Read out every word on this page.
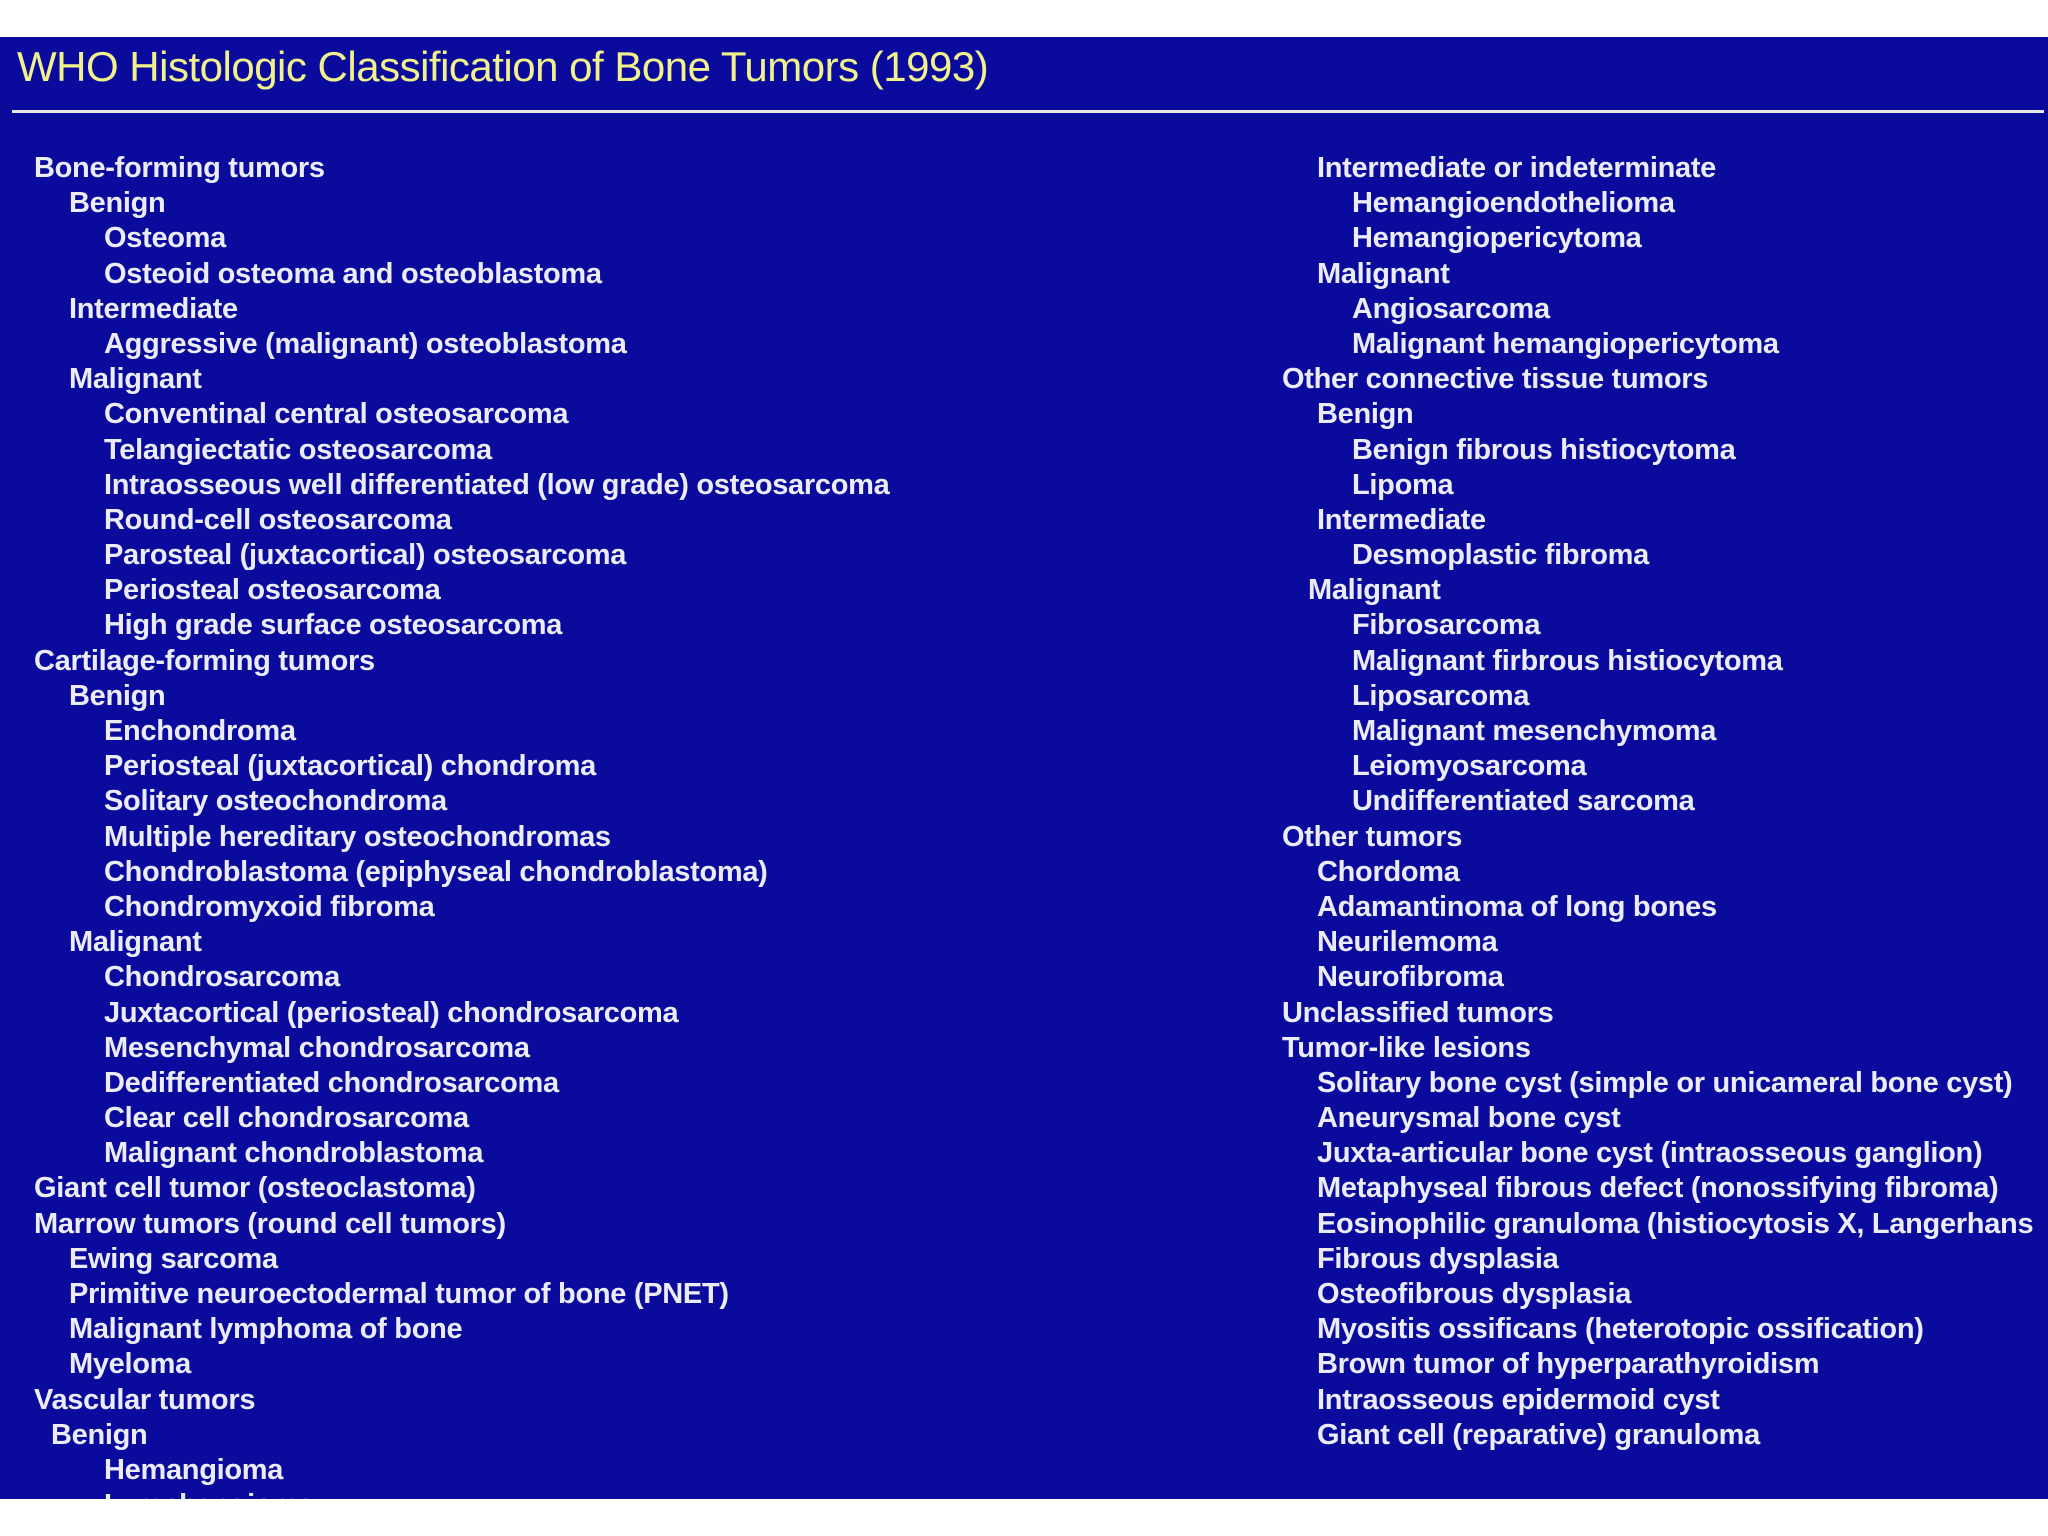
WHO Histologic Classification of Bone Tumors (1993)
Bone-forming tumors
Benign
Osteoma
Osteoid osteoma and osteoblastoma
Intermediate
Aggressive (malignant) osteoblastoma
Malignant
Conventinal central osteosarcoma
Telangiectatic osteosarcoma
Intraosseous well differentiated (low grade) osteosarcoma
Round-cell osteosarcoma
Parosteal (juxtacortical) osteosarcoma
Periosteal osteosarcoma
High grade surface osteosarcoma
Cartilage-forming tumors
Benign
Enchondroma
Periosteal (juxtacortical) chondroma
Solitary osteochondroma
Multiple hereditary osteochondromas
Chondroblastoma (epiphyseal chondroblastoma)
Chondromyxoid fibroma
Malignant
Chondrosarcoma
Juxtacortical (periosteal) chondrosarcoma
Mesenchymal chondrosarcoma
Dedifferentiated chondrosarcoma
Clear cell chondrosarcoma
Malignant chondroblastoma
Giant cell tumor (osteoclastoma)
Marrow tumors (round cell tumors)
Ewing sarcoma
Primitive neuroectodermal tumor of bone (PNET)
Malignant lymphoma of bone
Myeloma
Vascular tumors
Benign
Hemangioma
Intermediate or indeterminate
Hemangioendothelioma
Hemangiopericytoma
Malignant
Angiosarcoma
Malignant hemangiopericytoma
Other connective tissue tumors
Benign
Benign fibrous histiocytoma
Lipoma
Intermediate
Desmoplastic fibroma
Malignant
Fibrosarcoma
Malignant firbrous histiocytoma
Liposarcoma
Malignant mesenchymoma
Leiomyosarcoma
Undifferentiated sarcoma
Other tumors
Chordoma
Adamantinoma of long bones
Neurilemoma
Neurofibroma
Unclassified tumors
Tumor-like lesions
Solitary bone cyst (simple or unicameral bone cyst)
Aneurysmal bone cyst
Juxta-articular bone cyst (intraosseous ganglion)
Metaphyseal fibrous defect (nonossifying fibroma)
Eosinophilic granuloma (histiocytosis X, Langerhans
Fibrous dysplasia
Osteofibrous dysplasia
Myositis ossificans (heterotopic ossification)
Brown tumor of hyperparathyroidism
Intraosseous epidermoid cyst
Giant cell (reparative) granuloma
